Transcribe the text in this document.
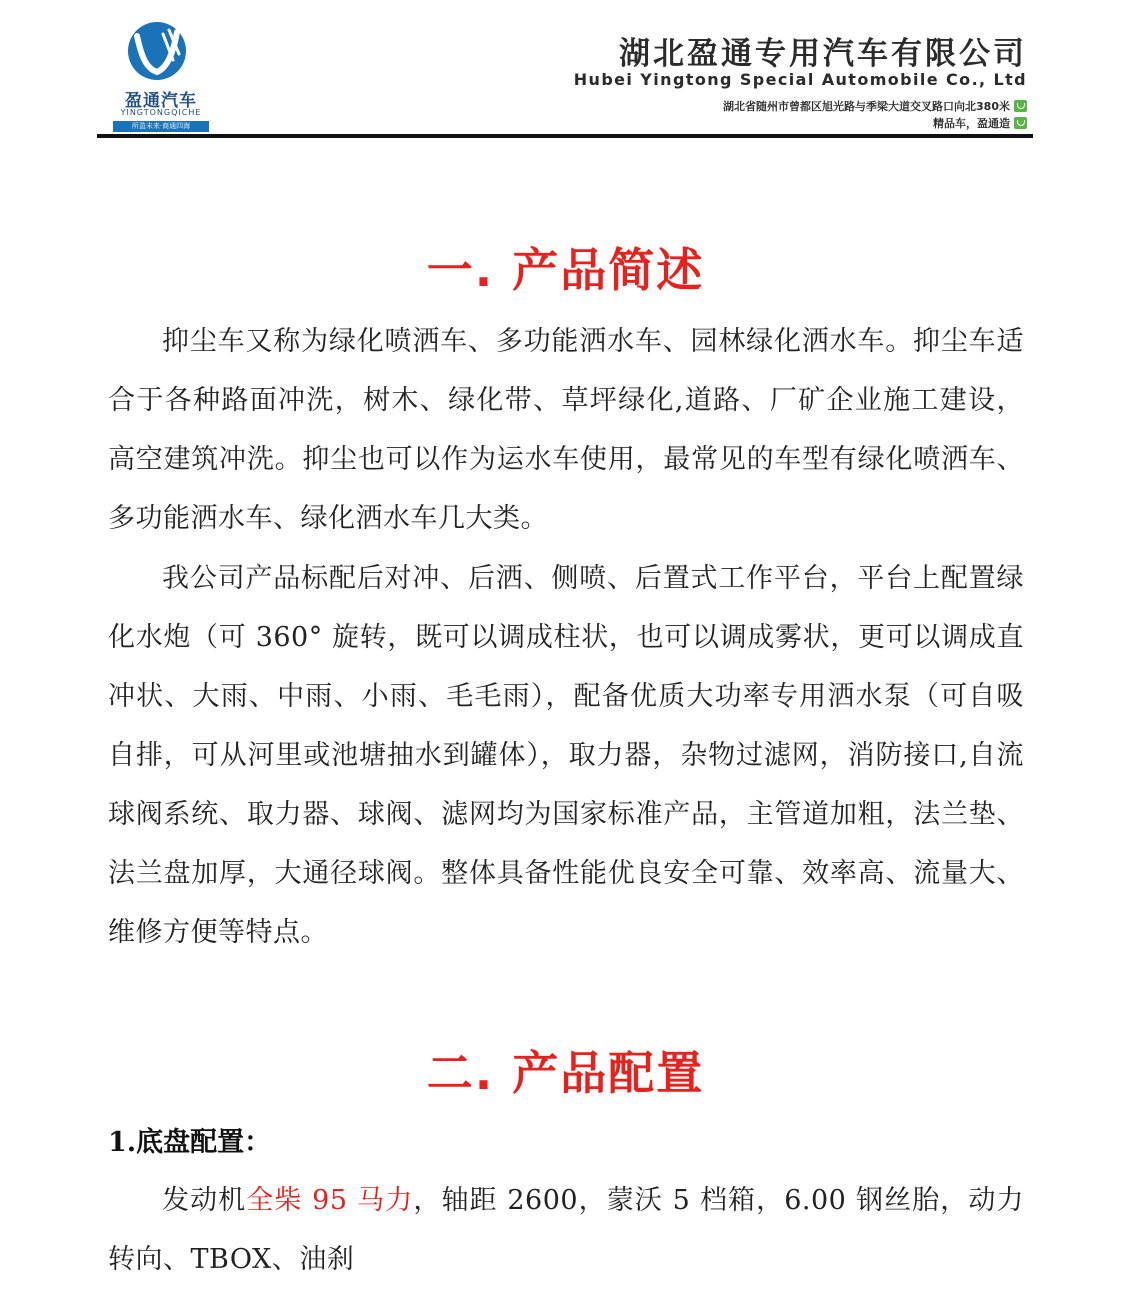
盈通汽车
YINGTONGQICHE
所盈未来·商通四海
湖北盈通专用汽车有限公司
Hubei Yingtong Special Automobile Co., Ltd
湖北省随州市曾都区旭光路与季梁大道交叉路口向北380米
精品车，盈通造
一. 产品简述

抑尘车又称为绿化喷洒车、多功能洒水车、园林绿化洒水车。抑尘车适合于各种路面冲洗，树木、绿化带、草坪绿化,道路、厂矿企业施工建设，高空建筑冲洗。抑尘也可以作为运水车使用，最常见的车型有绿化喷洒车、多功能洒水车、绿化洒水车几大类。

我公司产品标配后对冲、后洒、侧喷、后置式工作平台，平台上配置绿化水炮（可 360° 旋转，既可以调成柱状，也可以调成雾状，更可以调成直冲状、大雨、中雨、小雨、毛毛雨），配备优质大功率专用洒水泵（可自吸自排，可从河里或池塘抽水到罐体），取力器，杂物过滤网，消防接口,自流球阀系统、取力器、球阀、滤网均为国家标准产品，主管道加粗，法兰垫、法兰盘加厚，大通径球阀。整体具备性能优良安全可靠、效率高、流量大、维修方便等特点。

二. 产品配置
1.底盘配置：

发动机全柴 95 马力，轴距 2600，蒙沃 5 档箱，6.00 钢丝胎，动力转向、TBOX、油刹
